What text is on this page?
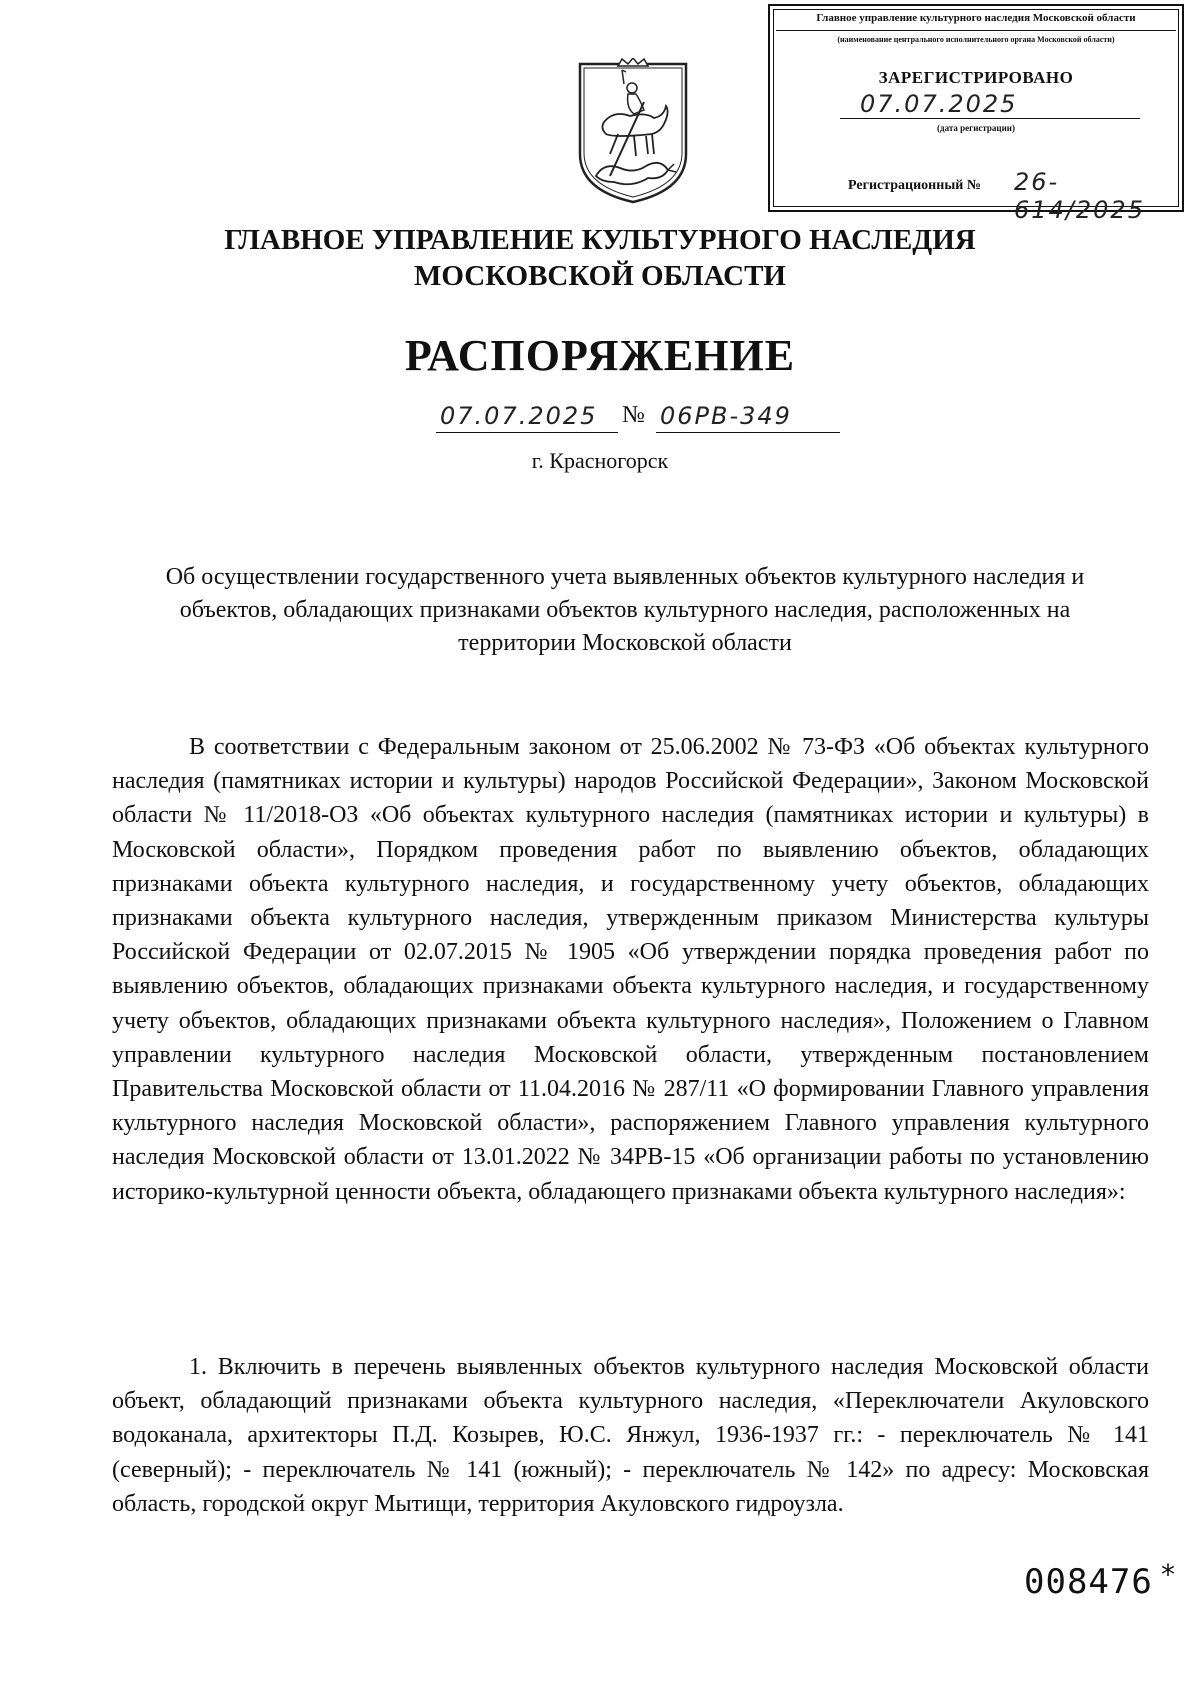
Главное управление культурного наследия Московской области
(наименование центрального исполнительного органа Московской области)
ЗАРЕГИСТРИРОВАНО
07.07.2025
(дата регистрации)
Регистрационный № 26-614/2025
ГЛАВНОЕ УПРАВЛЕНИЕ КУЛЬТУРНОГО НАСЛЕДИЯ
МОСКОВСКОЙ ОБЛАСТИ
РАСПОРЯЖЕНИЕ
07.07.2025 № 06РВ-349
г. Красногорск
Об осуществлении государственного учета выявленных объектов культурного наследия и объектов, обладающих признаками объектов культурного наследия, расположенных на территории Московской области
В соответствии с Федеральным законом от 25.06.2002 № 73-ФЗ «Об объектах культурного наследия (памятниках истории и культуры) народов Российской Федерации», Законом Московской области № 11/2018-ОЗ «Об объектах культурного наследия (памятниках истории и культуры) в Московской области», Порядком проведения работ по выявлению объектов, обладающих признаками объекта культурного наследия, и государственному учету объектов, обладающих признаками объекта культурного наследия, утвержденным приказом Министерства культуры Российской Федерации от 02.07.2015 № 1905 «Об утверждении порядка проведения работ по выявлению объектов, обладающих признаками объекта культурного наследия, и государственному учету объектов, обладающих признаками объекта культурного наследия», Положением о Главном управлении культурного наследия Московской области, утвержденным постановлением Правительства Московской области от 11.04.2016 № 287/11 «О формировании Главного управления культурного наследия Московской области», распоряжением Главного управления культурного наследия Московской области от 13.01.2022 № 34РВ-15 «Об организации работы по установлению историко-культурной ценности объекта, обладающего признаками объекта культурного наследия»:
1. Включить в перечень выявленных объектов культурного наследия Московской области объект, обладающий признаками объекта культурного наследия, «Переключатели Акуловского водоканала, архитекторы П.Д. Козырев, Ю.С. Янжул, 1936-1937 гг.: - переключатель № 141 (северный); - переключатель № 141 (южный); - переключатель № 142» по адресу: Московская область, городской округ Мытищи, территория Акуловского гидроузла.
008476 *
